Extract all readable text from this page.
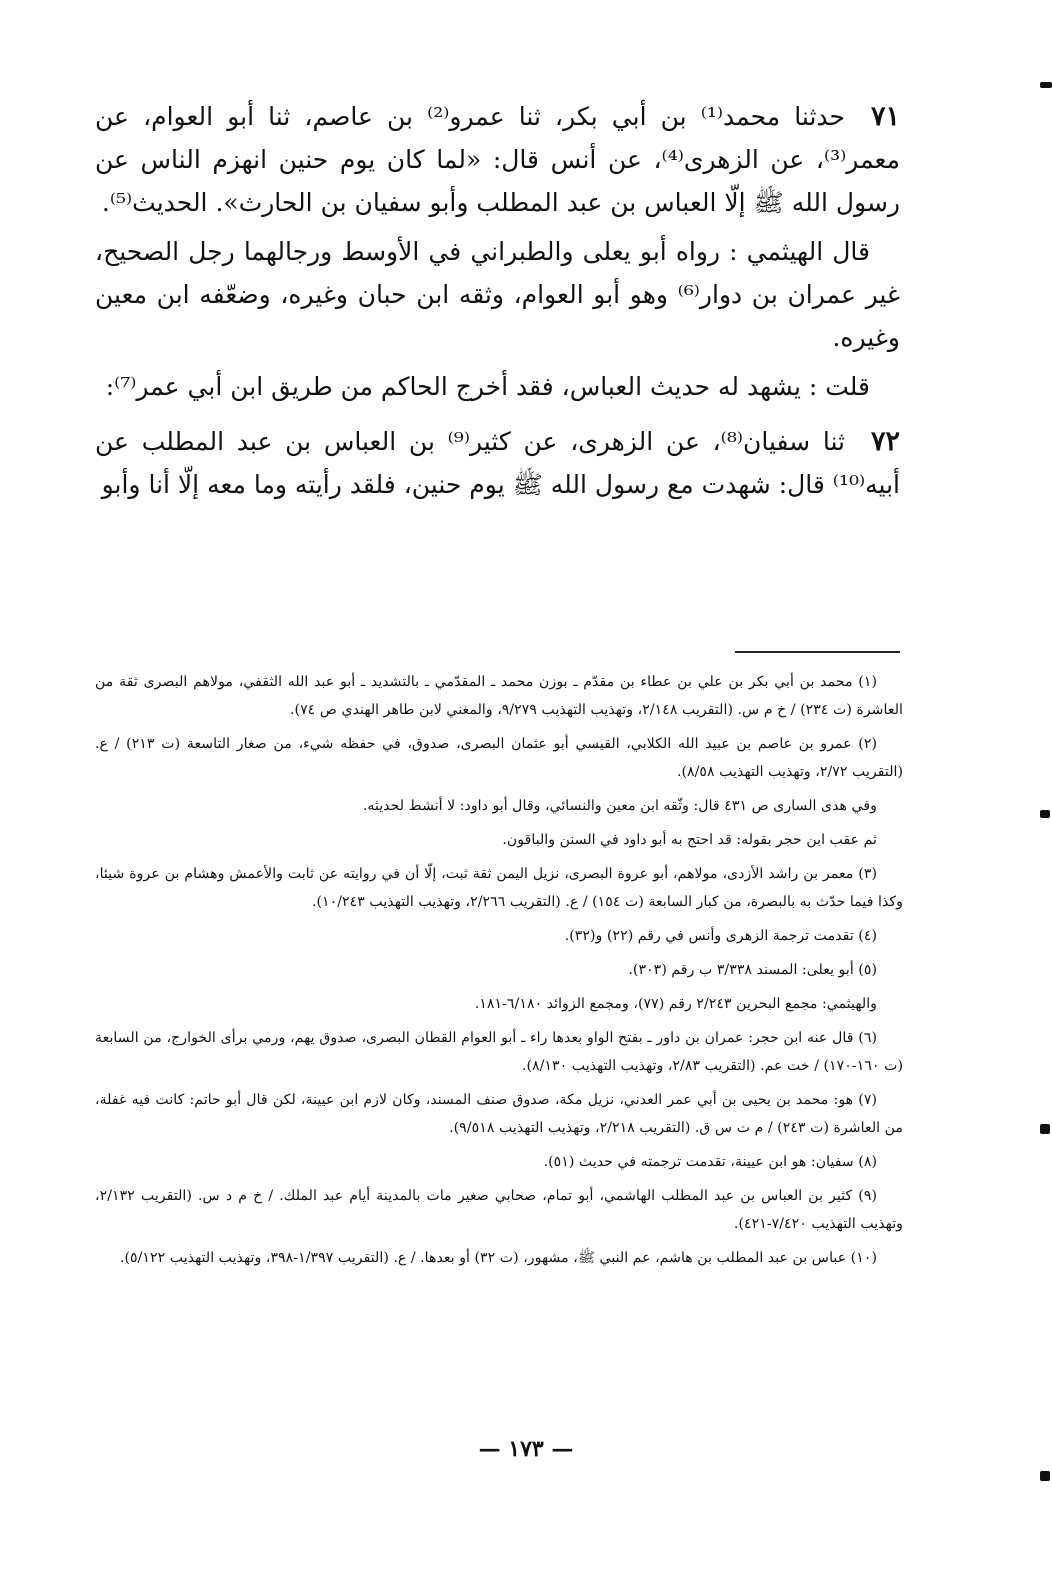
٧١حدثنا محمد⁽¹⁾ بن أبي بكر، ثنا عمرو⁽²⁾ بن عاصم، ثنا أبو العوام، عن معمر⁽³⁾، عن الزهرى⁽⁴⁾، عن أنس قال: «لما كان يوم حنين انهزم الناس عن رسول الله ﷺ إلّا العباس بن عبد المطلب وأبو سفيان بن الحارث». الحديث⁽⁵⁾.

قال الهيثمي : رواه أبو يعلى والطبراني في الأوسط ورجالهما رجل الصحيح، غير عمران بن دوار⁽⁶⁾ وهو أبو العوام، وثقه ابن حبان وغيره، وضعّفه ابن معين وغيره.

قلت : يشهد له حديث العباس، فقد أخرج الحاكم من طريق ابن أبي عمر⁽⁷⁾:

٧٢ثنا سفيان⁽⁸⁾، عن الزهرى، عن كثير⁽⁹⁾ بن العباس بن عبد المطلب عن أبيه⁽¹⁰⁾ قال: شهدت مع رسول الله ﷺ يوم حنين، فلقد رأيته وما معه إلّا أنا وأبو

(١) محمد بن أبي بكر بن علي بن عطاء بن مقدّم ـ بوزن محمد ـ المقدّمي ـ بالتشديد ـ أبو عبد الله الثقفي، مولاهم البصرى ثقة من العاشرة (ت ٢٣٤) / خ م س. (التقريب ٢/١٤٨، وتهذيب التهذيب ٩/٢٧٩، والمغني لابن طاهر الهندي ص ٧٤).

(٢) عمرو بن عاصم بن عبيد الله الكلابي، القيسي أبو عثمان البصرى، صدوق، في حفظه شيء، من صغار التاسعة (ت ٢١٣) / ع. (التقريب ٢/٧٢، وتهذيب التهذيب ٨/٥٨).

وفي هدى السارى ص ٤٣١ قال: وثّقه ابن معين والنسائي، وقال أبو داود: لا أنشط لحديثه.

ثم عقب ابن حجر بقوله: قد احتج به أبو داود في السنن والباقون.

(٣) معمر بن راشد الأزدى، مولاهم، أبو عروة البصرى، نزيل اليمن ثقة ثبت، إلّا أن في روايته عن ثابت والأعمش وهشام بن عروة شيئا، وكذا فيما حدّث به بالبصرة، من كبار السابعة (ت ١٥٤) / ع. (التقريب ٢/٢٦٦، وتهذيب التهذيب ١٠/٢٤٣).

(٤) تقدمت ترجمة الزهرى وأنس في رقم (٢٢) و(٣٢).

(٥) أبو يعلى: المسند ٣/٣٣٨ ب رقم (٣٠٣).

والهيثمي: مجمع البحرين ٢/٢٤٣ رقم (٧٧)، ومجمع الزوائد ٦/١٨٠-١٨١.

(٦) قال عنه ابن حجر: عمران بن داور ـ بفتح الواو بعدها راء ـ أبو العوام القطان البصرى، صدوق يهم، ورمي برأى الخوارج، من السابعة (ت ١٦٠-١٧٠) / خت عم. (التقريب ٢/٨٣، وتهذيب التهذيب ٨/١٣٠).

(٧) هو: محمد بن يحيى بن أبي عمر العدني، نزيل مكة، صدوق صنف المسند، وكان لازم ابن عيينة، لكن قال أبو حاتم: كانت فيه غفلة، من العاشرة (ت ٢٤٣) / م ت س ق. (التقريب ٢/٢١٨، وتهذيب التهذيب ٩/٥١٨).

(٨) سفيان: هو ابن عيينة، تقدمت ترجمته في حديث (٥١).

(٩) كثير بن العباس بن عبد المطلب الهاشمي، أبو تمام، صحابي صغير مات بالمدينة أيام عبد الملك. / خ م د س. (التقريب ٢/١٣٢، وتهذيب التهذيب ٧/٤٢٠-٤٢١).

(١٠) عباس بن عبد المطلب بن هاشم، عم النبي ﷺ، مشهور، (ت ٣٢) أو بعدها. / ع. (التقريب ١/٣٩٧-٣٩٨، وتهذيب التهذيب ٥/١٢٢).

— ١٧٣ —
